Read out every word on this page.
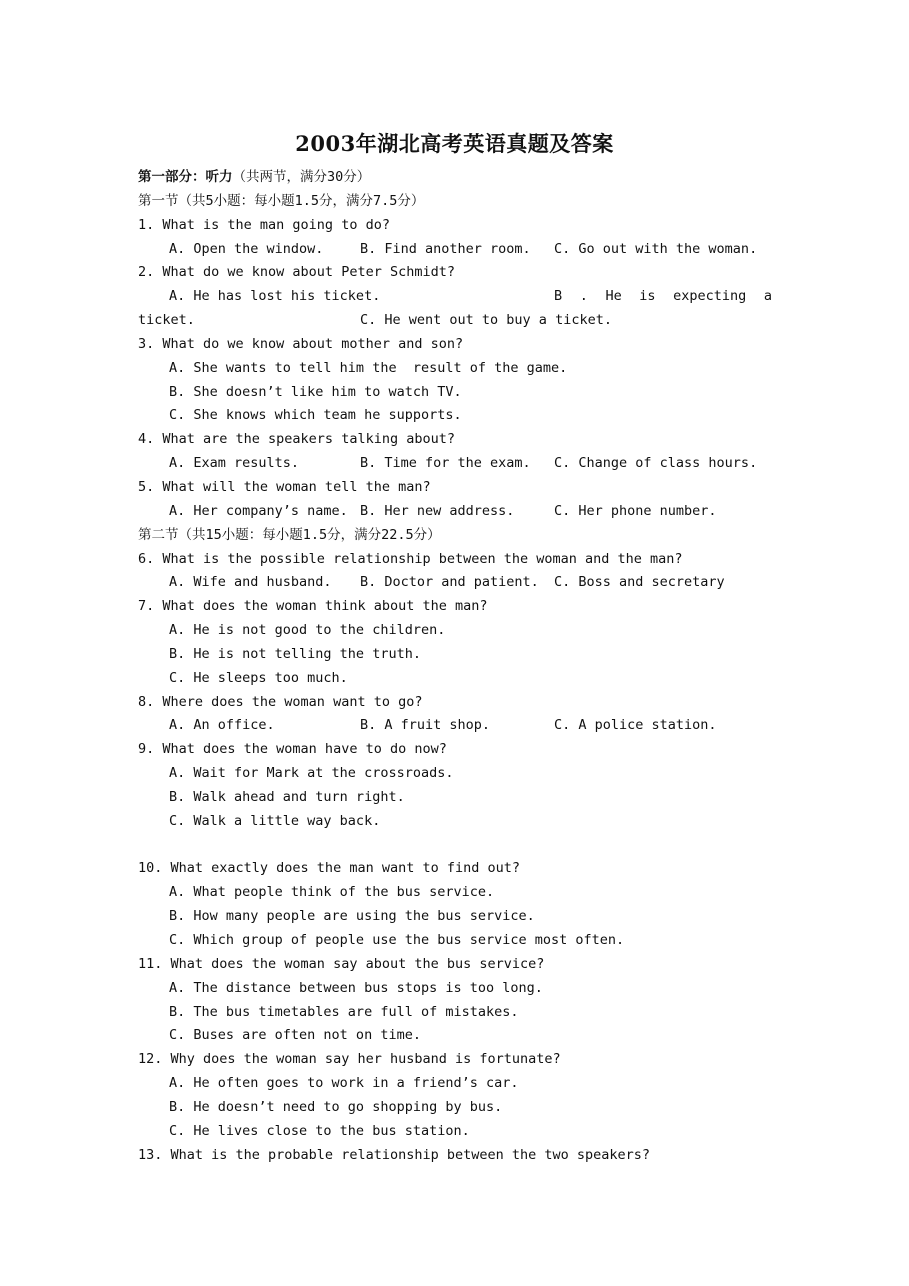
2003年湖北高考英语真题及答案
第一部分：听力（共两节，满分30分）
第一节（共5小题：每小题1.5分，满分7.5分）
1. What is the man going to do?

A. Open the window.

	B. Find another room.

C. Go out with the woman.

2. What do we know about Peter Schmidt?

A. He has lost his ticket.

	B . He is expecting a

ticket.

	C. He went out to buy a ticket.

3. What do we know about mother and son?
A. She wants to tell him the  result of the game.
B. She doesn’t like him to watch TV.
C. She knows which team he supports.
4. What are the speakers talking about?

A. Exam results.

	B. Time for the exam.

C. Change of class hours.

5. What will the woman tell the man?

A. Her company’s name.

B. Her new address.

	C. Her phone number.

第二节（共15小题：每小题1.5分，满分22.5分）
6. What is the possible relationship between the woman and the man?

A. Wife and husband.

B. Doctor and patient.

C. Boss and secretary

7. What does the woman think about the man?
A. He is not good to the children.
B. He is not telling the truth.
C. He sleeps too much.
8. Where does the woman want to go?

A. An office.

	B. A fruit shop.

	C. A police station.

9. What does the woman have to do now?
A. Wait for Mark at the crossroads.
B. Walk ahead and turn right.
C. Walk a little way back.
10. What exactly does the man want to find out?
A. What people think of the bus service.
B. How many people are using the bus service.
C. Which group of people use the bus service most often.
11. What does the woman say about the bus service?
A. The distance between bus stops is too long.
B. The bus timetables are full of mistakes.
C. Buses are often not on time.
12. Why does the woman say her husband is fortunate?
A. He often goes to work in a friend’s car.
B. He doesn’t need to go shopping by bus.
C. He lives close to the bus station.
13. What is the probable relationship between the two speakers?
